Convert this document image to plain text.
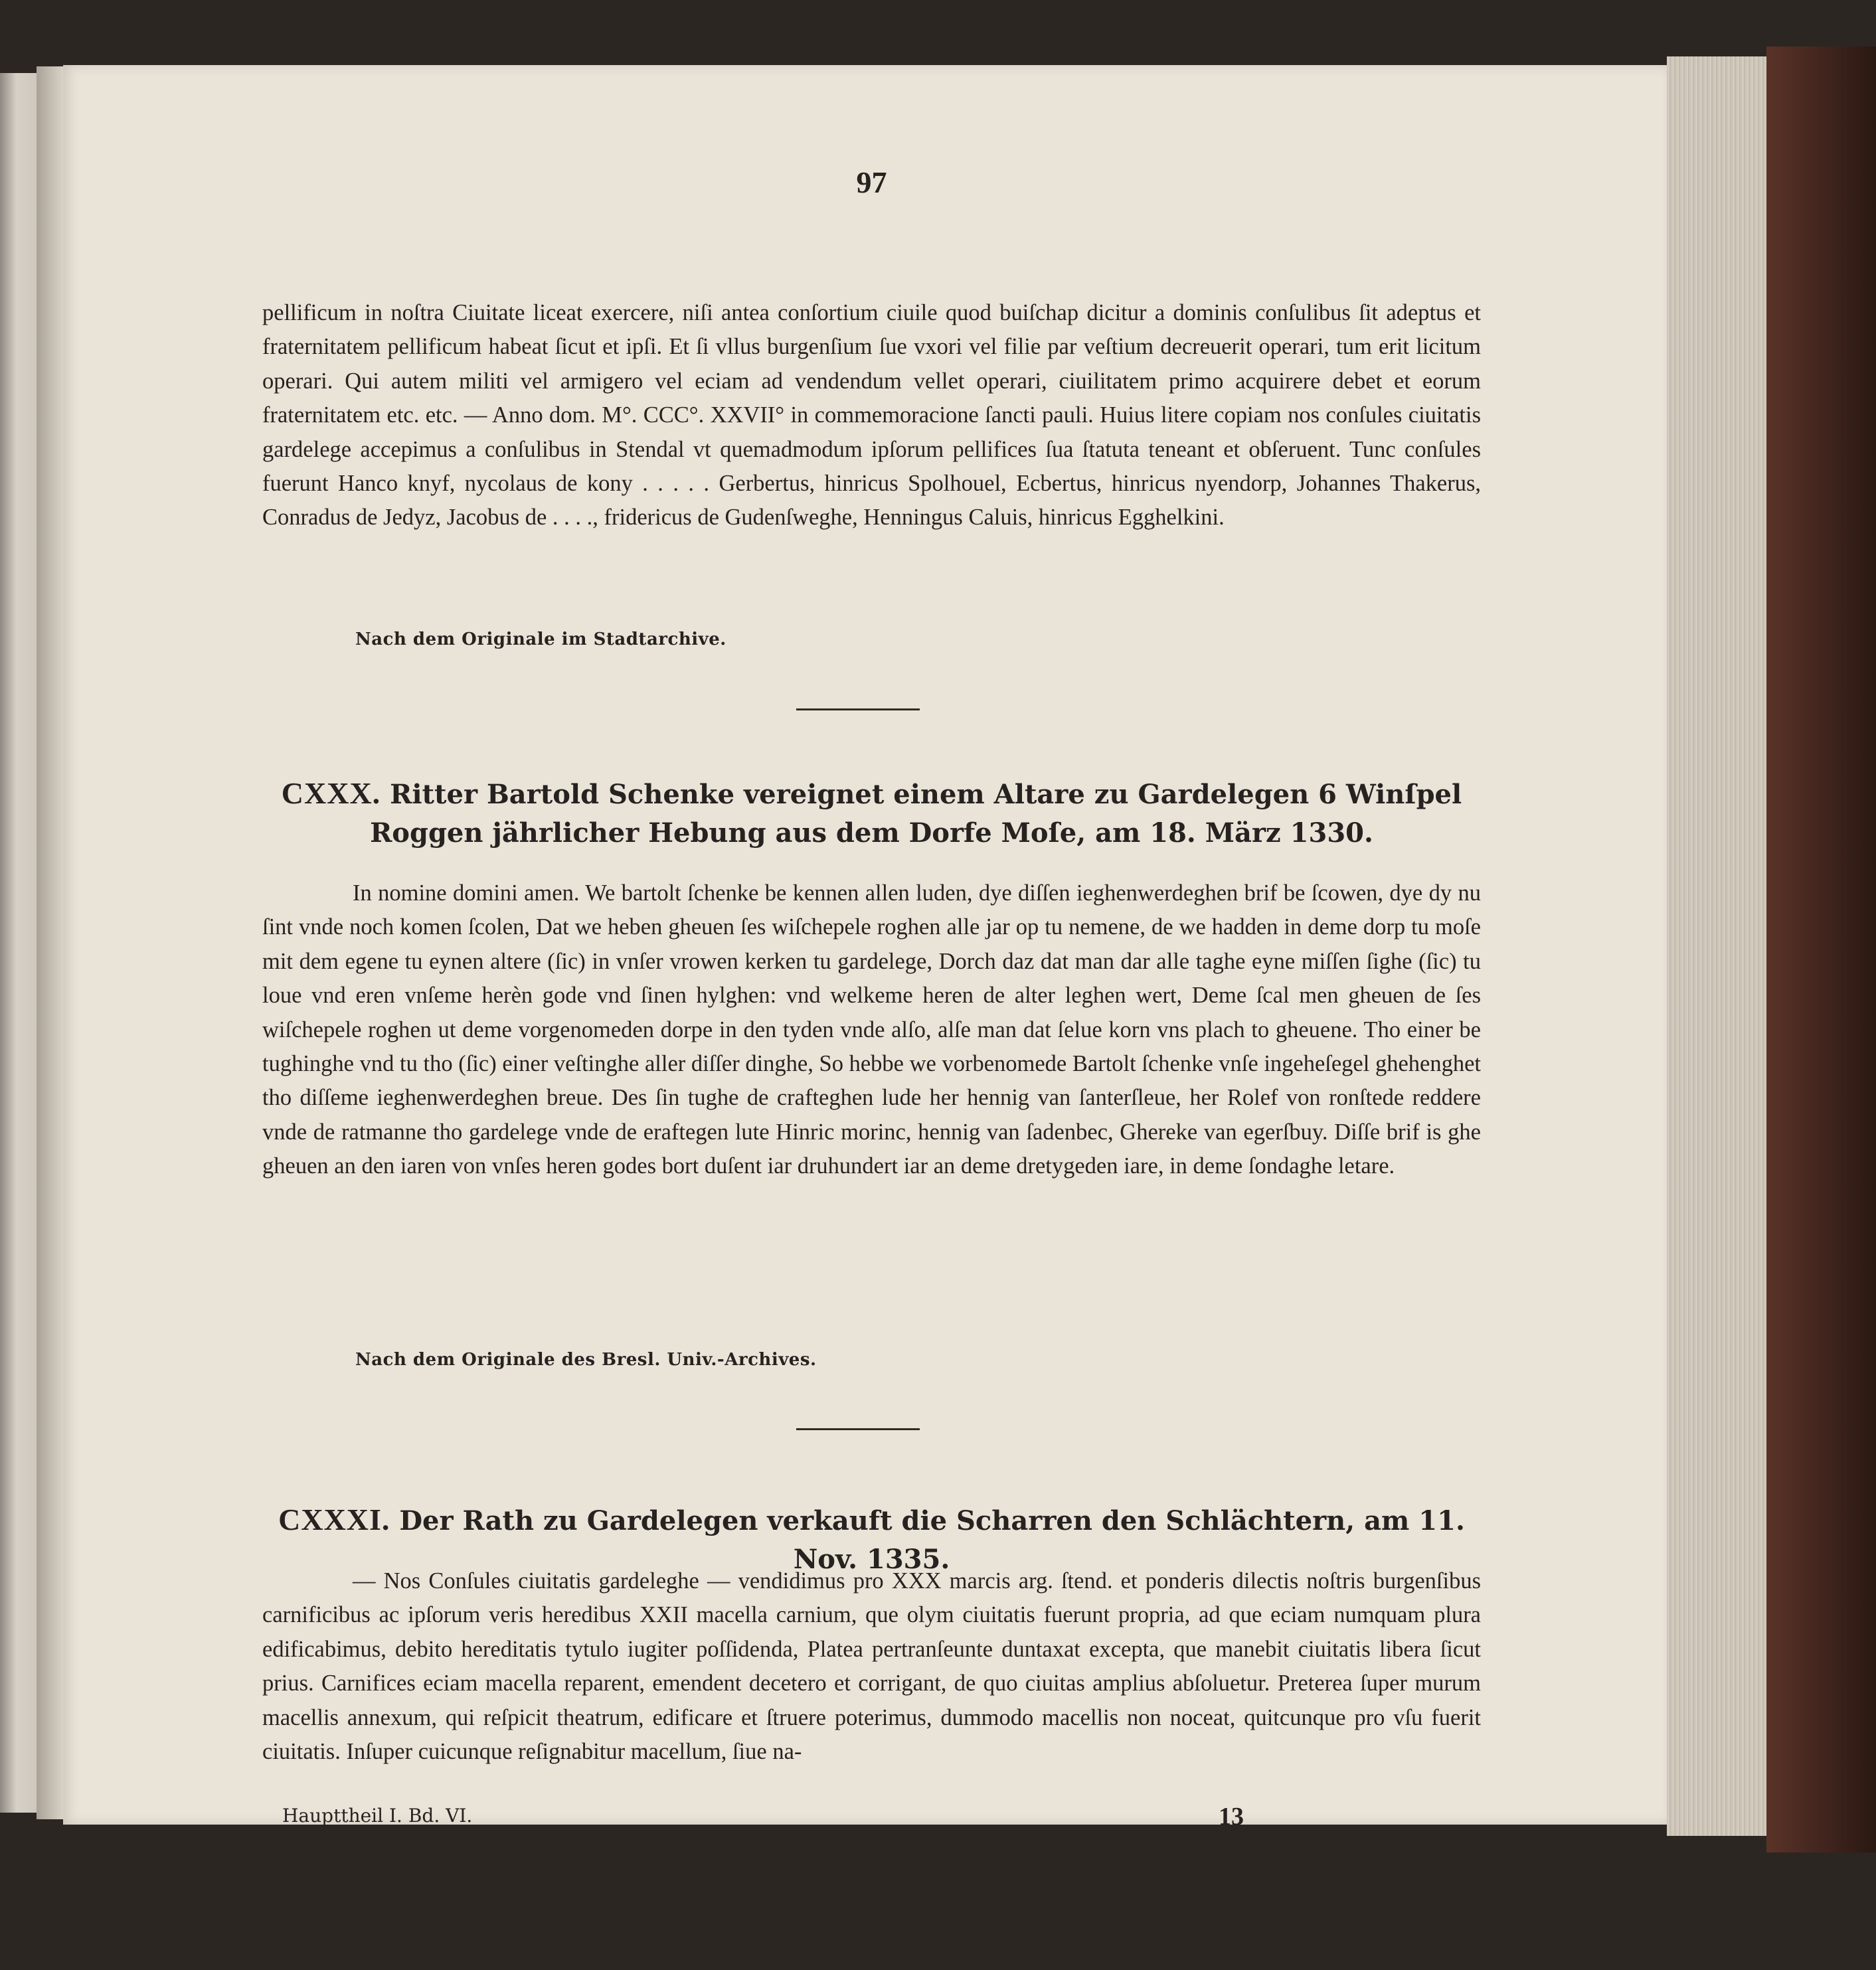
97

pellificum in noſtra Ciuitate liceat exercere, niſi antea conſortium ciuile quod buiſchap dicitur a dominis conſulibus ſit adeptus et fraternitatem pellificum habeat ſicut et ipſi. Et ſi vllus burgenſium ſue vxori vel filie par veſtium decreuerit operari, tum erit licitum operari. Qui autem militi vel armigero vel eciam ad vendendum vellet operari, ciuilitatem primo acquirere debet et eorum fraternitatem etc. etc. — Anno dom. M°. CCC°. XXVII° in commemoracione ſancti pauli. Huius litere copiam nos conſules ciuitatis gardelege accepimus a conſulibus in Stendal vt quemadmodum ipſorum pellifices ſua ſtatuta teneant et obſeruent. Tunc conſules fuerunt Hanco knyf, nycolaus de kony . . . . . Gerbertus, hinricus Spolhouel, Ecbertus, hinricus nyendorp, Johannes Thakerus, Conradus de Jedyz, Jacobus de . . . ., fridericus de Gudenſweghe, Henningus Caluis, hinricus Egghelkini.

Nach dem Originale im Stadtarchive.
CXXX. Ritter Bartold Schenke vereignet einem Altare zu Gardelegen 6 Winſpel Roggen jährlicher Hebung aus dem Dorfe Moſe, am 18. März 1330.

In nomine domini amen. We bartolt ſchenke be kennen allen luden, dye diſſen ieghenwerdeghen brif be ſcowen, dye dy nu ſint vnde noch komen ſcolen, Dat we heben gheuen ſes wiſchepele roghen alle jar op tu nemene, de we hadden in deme dorp tu moſe mit dem egene tu eynen altere (ſic) in vnſer vrowen kerken tu gardelege, Dorch daz dat man dar alle taghe eyne miſſen ſighe (ſic) tu loue vnd eren vnſeme herèn gode vnd ſinen hylghen: vnd welkeme heren de alter leghen wert, Deme ſcal men gheuen de ſes wiſchepele roghen ut deme vorgenomeden dorpe in den tyden vnde alſo, alſe man dat ſelue korn vns plach to gheuene. Tho einer be tughinghe vnd tu tho (ſic) einer veſtinghe aller diſſer dinghe, So hebbe we vorbenomede Bartolt ſchenke vnſe ingeheſegel ghehenghet tho diſſeme ieghenwerdeghen breue. Des ſin tughe de crafteghen lude her hennig van ſanterſleue, her Rolef von ronſtede reddere vnde de ratmanne tho gardelege vnde de eraftegen lute Hinric morinc, hennig van ſadenbec, Ghereke van egerſbuy. Diſſe brif is ghe gheuen an den iaren von vnſes heren godes bort duſent iar druhundert iar an deme dretygeden iare, in deme ſondaghe letare.

Nach dem Originale des Bresl. Univ.-Archives.
CXXXI. Der Rath zu Gardelegen verkauft die Scharren den Schlächtern, am 11. Nov. 1335.

— Nos Conſules ciuitatis gardeleghe — vendidimus pro XXX marcis arg. ſtend. et ponderis dilectis noſtris burgenſibus carnificibus ac ipſorum veris heredibus XXII macella carnium, que olym ciuitatis fuerunt propria, ad que eciam numquam plura edificabimus, debito hereditatis tytulo iugiter poſſidenda, Platea pertranſeunte duntaxat excepta, que manebit ciuitatis libera ſicut prius. Carnifices eciam macella reparent, emendent decetero et corrigant, de quo ciuitas amplius abſoluetur. Preterea ſuper murum macellis annexum, qui reſpicit theatrum, edificare et ſtruere poterimus, dummodo macellis non noceat, quitcunque pro vſu fuerit ciuitatis. Inſuper cuicunque reſignabitur macellum, ſiue na-

Haupttheil I. Bd. VI.	13
